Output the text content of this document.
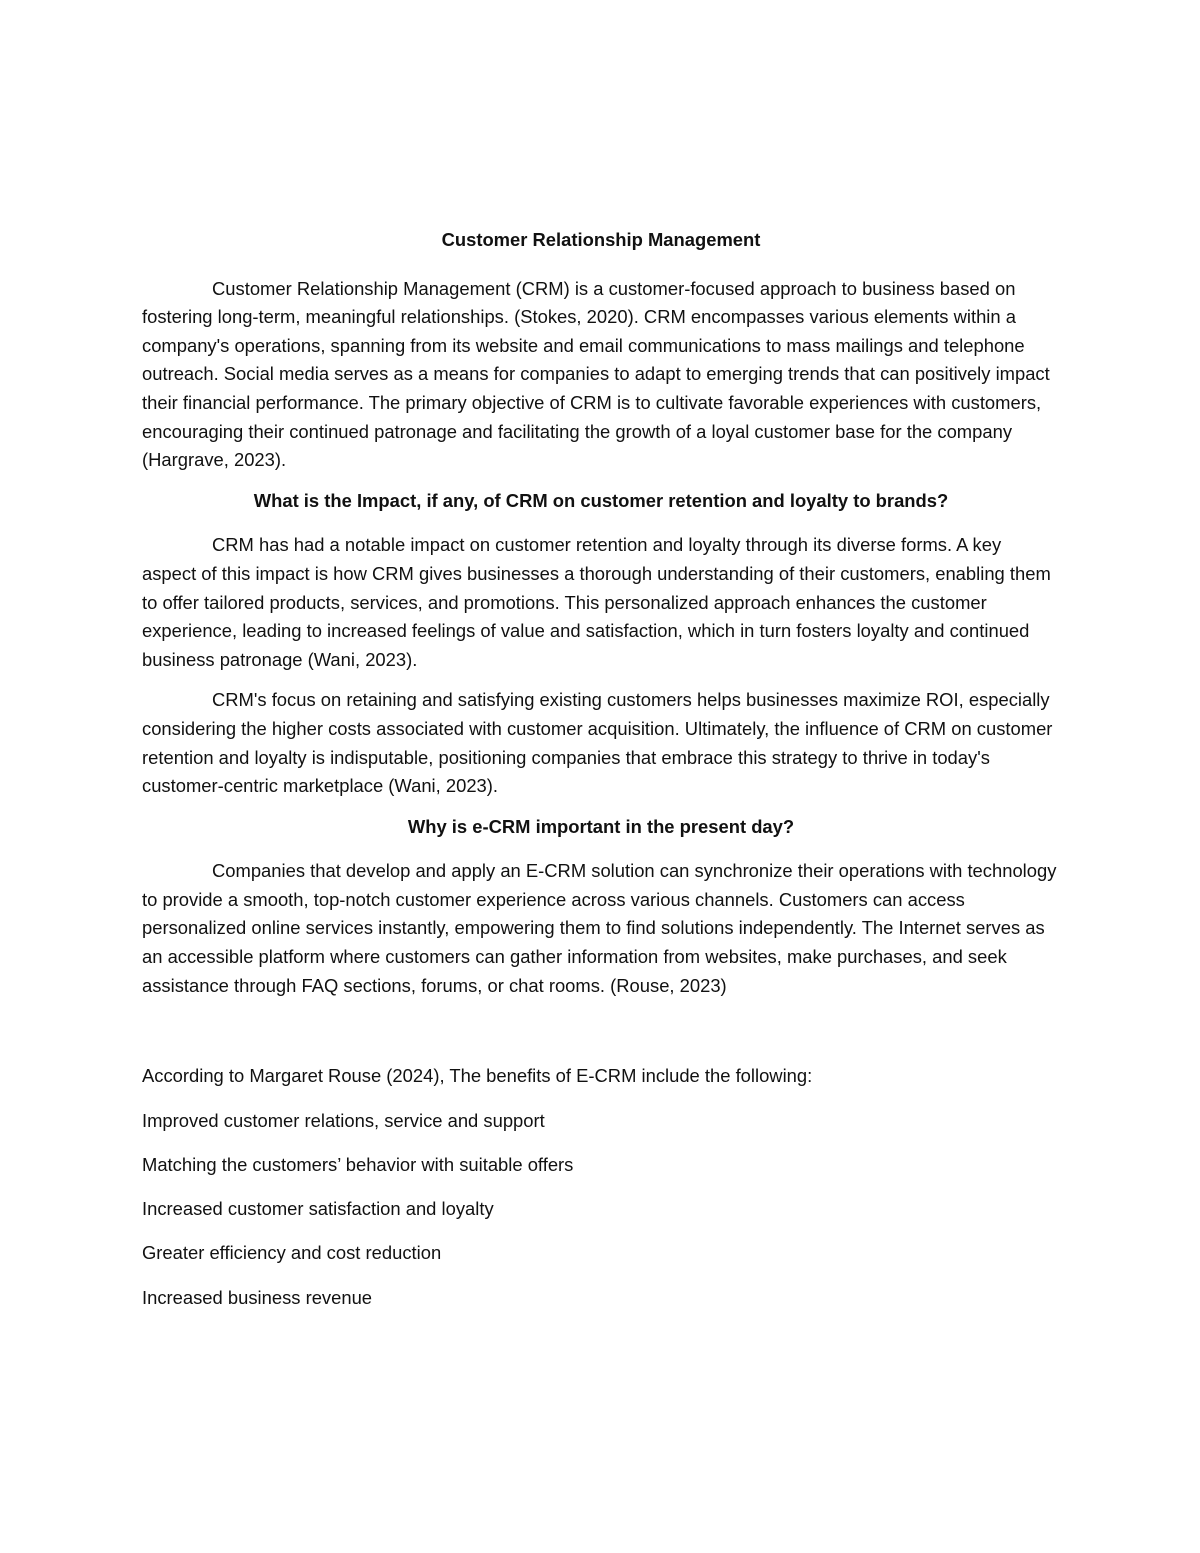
Customer Relationship Management

Customer Relationship Management (CRM) is a customer-focused approach to business based on fostering long-term, meaningful relationships. (Stokes, 2020). CRM encompasses various elements within a company's operations, spanning from its website and email communications to mass mailings and telephone outreach. Social media serves as a means for companies to adapt to emerging trends that can positively impact their financial performance. The primary objective of CRM is to cultivate favorable experiences with customers, encouraging their continued patronage and facilitating the growth of a loyal customer base for the company (Hargrave, 2023).

What is the Impact, if any, of CRM on customer retention and loyalty to brands?

CRM has had a notable impact on customer retention and loyalty through its diverse forms. A key aspect of this impact is how CRM gives businesses a thorough understanding of their customers, enabling them to offer tailored products, services, and promotions. This personalized approach enhances the customer experience, leading to increased feelings of value and satisfaction, which in turn fosters loyalty and continued business patronage (Wani, 2023).

CRM's focus on retaining and satisfying existing customers helps businesses maximize ROI, especially considering the higher costs associated with customer acquisition. Ultimately, the influence of CRM on customer retention and loyalty is indisputable, positioning companies that embrace this strategy to thrive in today's customer-centric marketplace (Wani, 2023).

Why is e-CRM important in the present day?

Companies that develop and apply an E-CRM solution can synchronize their operations with technology to provide a smooth, top-notch customer experience across various channels. Customers can access personalized online services instantly, empowering them to find solutions independently. The Internet serves as an accessible platform where customers can gather information from websites, make purchases, and seek assistance through FAQ sections, forums, or chat rooms. (Rouse, 2023)

According to Margaret Rouse (2024), The benefits of E-CRM include the following:

Improved customer relations, service and support

Matching the customers’ behavior with suitable offers

Increased customer satisfaction and loyalty

Greater efficiency and cost reduction

Increased business revenue
